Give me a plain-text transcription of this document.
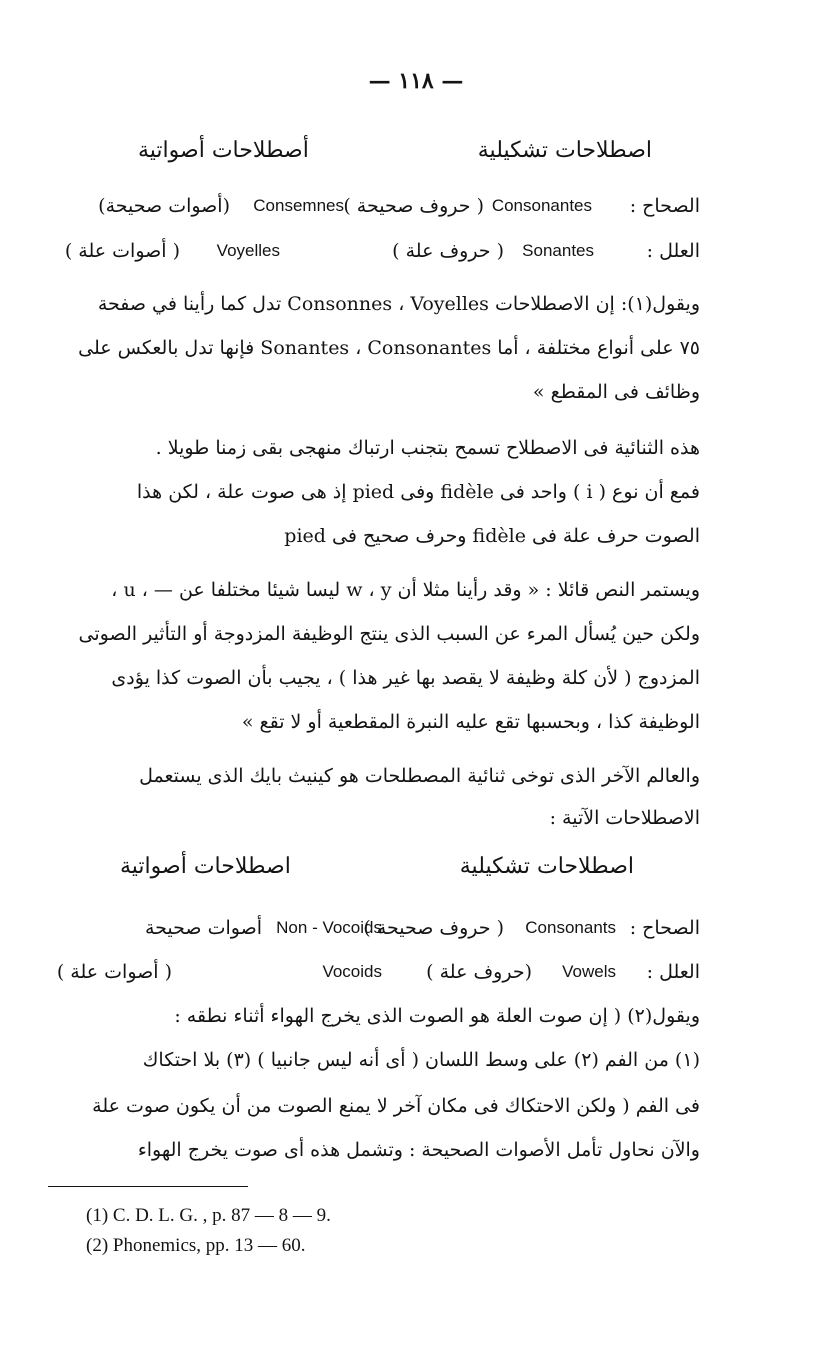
— ١١٨ —
اصطلاحات تشكيلية
أصطلاحات أصواتية
الصحاح :
Consonantes
( حروف صحيحة )
Consemnes
(أصوات صحيحة)
العلل :
Sonantes
( حروف علة )
Voyelles
( أصوات علة )
ويقول(١): إن الاصطلاحات Consonnes ، Voyelles تدل كما رأينا في صفحة
٧٥ على أنواع مختلفة ، أما Sonantes ، Consonantes فإنها تدل بالعكس على
وظائف فى المقطع »
هذه الثنائية فى الاصطلاح تسمح بتجنب ارتباك منهجى بقى زمنا طويلا .
فمع أن نوع ( i ) واحد فى fidèle وفى pied إذ هى صوت علة ، لكن هذا
الصوت حرف علة فى fidèle وحرف صحيح فى pied
ويستمر النص قائلا : « وقد رأينا مثلا أن w ، y ليسا شيئا مختلفا عن — ، u ،
ولكن حين يُسأل المرء عن السبب الذى ينتج الوظيفة المزدوجة أو التأثير الصوتى
المزدوج ( لأن كلة وظيفة لا يقصد بها غير هذا ) ، يجيب بأن الصوت كذا يؤدى
الوظيفة كذا ، وبحسبها تقع عليه النبرة المقطعية أو لا تقع »
والعالم الآخر الذى توخى ثنائية المصطلحات هو كينيث بايك الذى يستعمل
الاصطلاحات الآتية :
اصطلاحات تشكيلية
اصطلاحات أصواتية
الصحاح :
Consonants
( حروف صحيحة )
Non - Vocoids
أصوات صحيحة
العلل :
Vowels
(حروف علة )
Vocoids
( أصوات علة )
ويقول(٢) ( إن صوت العلة هو الصوت الذى يخرج الهواء أثناء نطقه :
(١) من الفم (٢) على وسط اللسان ( أى أنه ليس جانبيا ) (٣) بلا احتكاك
فى الفم ( ولكن الاحتكاك فى مكان آخر لا يمنع الصوت من أن يكون صوت علة
والآن نحاول تأمل الأصوات الصحيحة : وتشمل هذه أى صوت يخرج الهواء
(1) C. D. L. G. , p. 87 — 8 — 9.
(2) Phonemics, pp. 13 — 60.
